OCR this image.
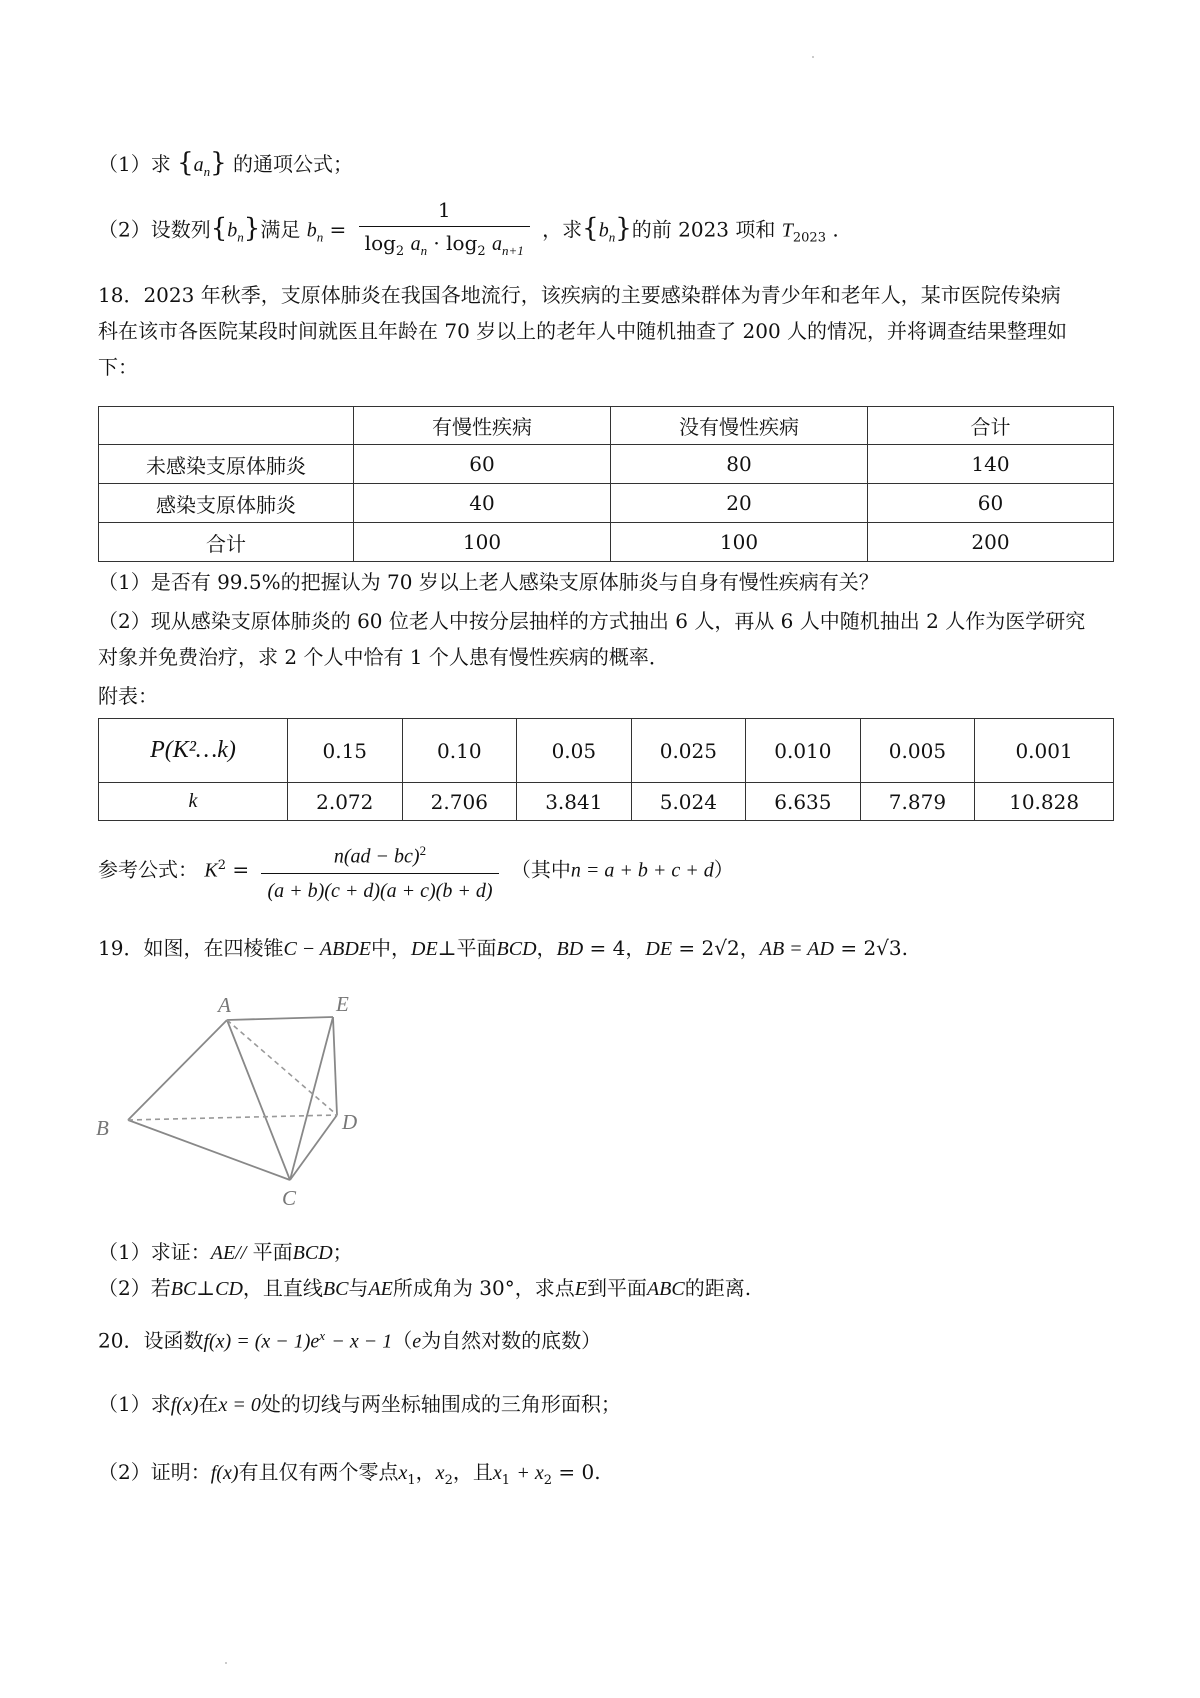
（1）求 $\{a_n\}$ 的通项公式；
（2）设数列$\{b_n\}$满足 $b_n = \frac{1}{\log_2 a_n \cdot \log_2 a_{n+1}}$ ，求$\{b_n\}$的前 2023 项和 $T_{2023}$ .
18．2023 年秋季，支原体肺炎在我国各地流行，该疾病的主要感染群体为青少年和老年人，某市医院传染病
科在该市各医院某段时间就医且年龄在 70 岁以上的老年人中随机抽查了 200 人的情况，并将调查结果整理如
下：
	有慢性疾病	没有慢性疾病	合计
未感染支原体肺炎	60	80	140
感染支原体肺炎	40	20	60
合计	100	100	200
（1）是否有 99.5%的把握认为 70 岁以上老人感染支原体肺炎与自身有慢性疾病有关？
（2）现从感染支原体肺炎的 60 位老人中按分层抽样的方式抽出 6 人，再从 6 人中随机抽出 2 人作为医学研究
对象并免费治疗，求 2 个人中恰有 1 个人患有慢性疾病的概率．
附表：
P(K²…k)	0.15	0.10	0.05	0.025	0.010	0.005	0.001
k	2.072	2.706	3.841	5.024	6.635	7.879	10.828
参考公式： $K^2 = \frac{n(ad - bc)^2}{(a + b)(c + d)(a + c)(b + d)}$ （其中n = a + b + c + d）
19．如图，在四棱锥C − ABDE中，DE⊥平面BCD，BD = 4，DE = 2√2，AB = AD = 2√3.
A	E
B	D
C
（1）求证：AE// 平面BCD；
（2）若BC⊥CD，且直线BC与AE所成角为 30°，求点E到平面ABC的距离.
20．设函数$f(x) = (x - 1)e^x - x - 1(e$为自然对数的底数）
（1）求f(x)在x = 0处的切线与两坐标轴围成的三角形面积；
（2）证明：f(x)有且仅有两个零点$x_1$，$x_2$，且$x_1 + x_2 = 0$.
